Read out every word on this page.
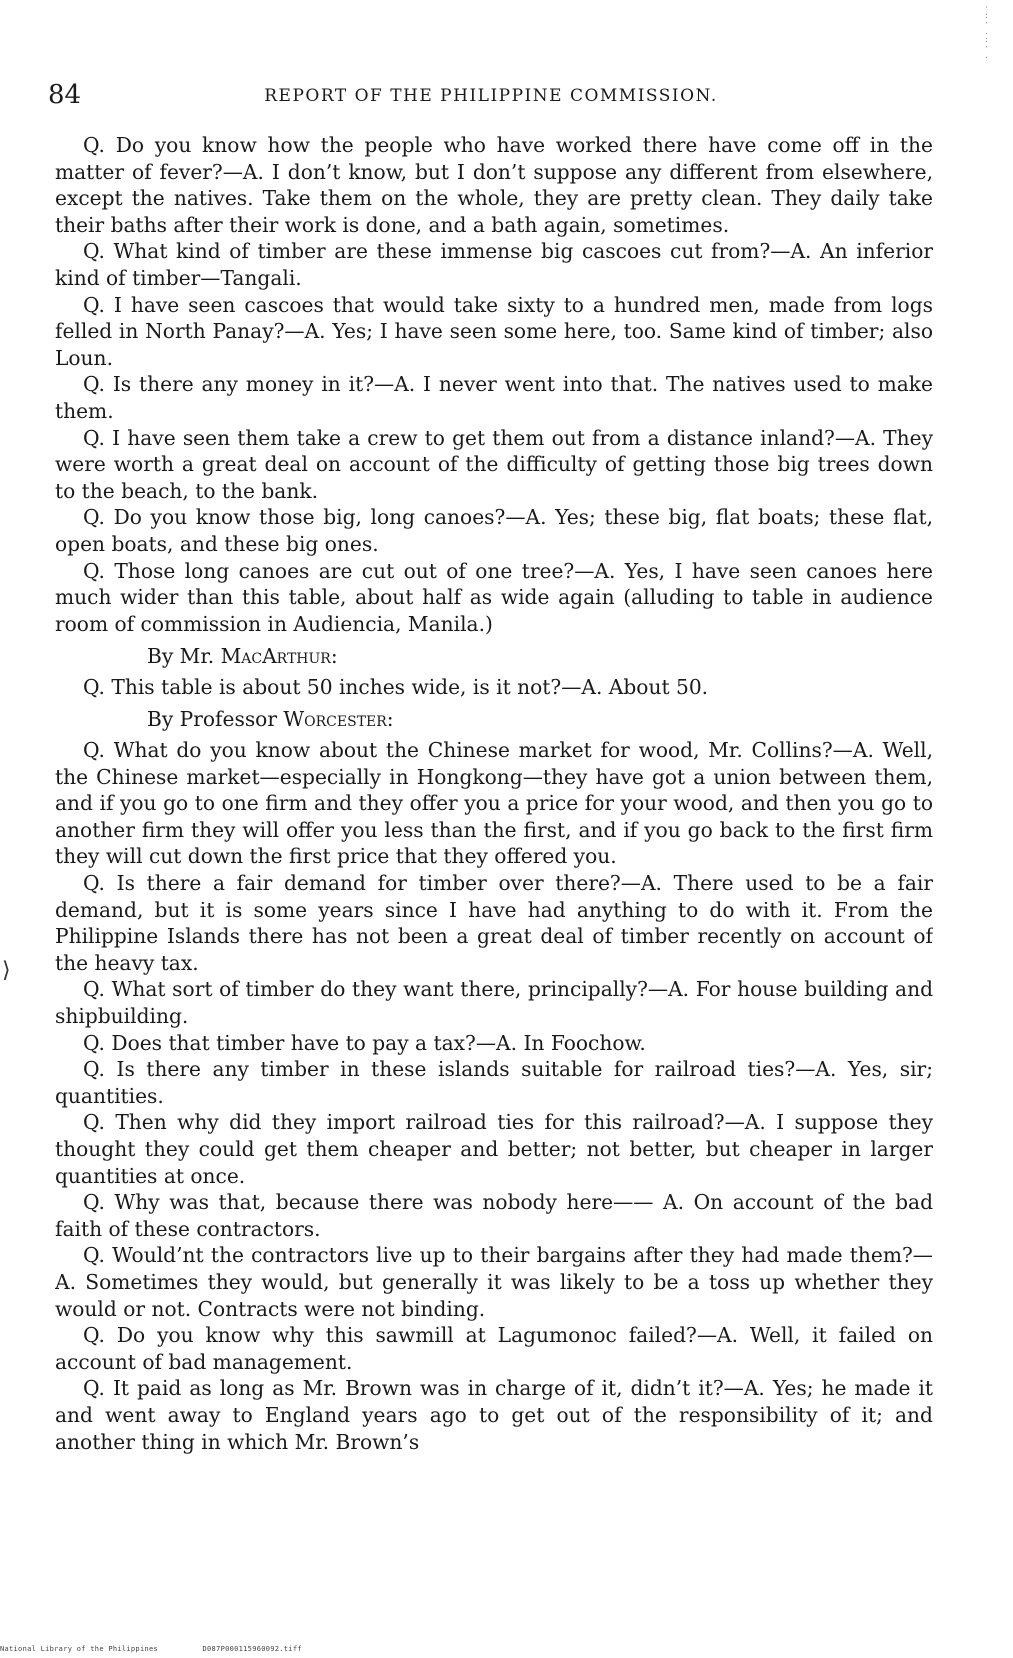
·
:
·
.
:
·
.
84	REPORT OF THE PHILIPPINE COMMISSION.
⟩

Q. Do you know how the people who have worked there have come off in the matter of fever?—A. I don’t know, but I don’t suppose any different from elsewhere, except the natives. Take them on the whole, they are pretty clean. They daily take their baths after their work is done, and a bath again, sometimes.

Q. What kind of timber are these immense big cascoes cut from?—A. An inferior kind of timber—Tangali.

Q. I have seen cascoes that would take sixty to a hundred men, made from logs felled in North Panay?—A. Yes; I have seen some here, too. Same kind of timber; also Loun.

Q. Is there any money in it?—A. I never went into that. The natives used to make them.

Q. I have seen them take a crew to get them out from a distance inland?—A. They were worth a great deal on account of the difficulty of getting those big trees down to the beach, to the bank.

Q. Do you know those big, long canoes?—A. Yes; these big, flat boats; these flat, open boats, and these big ones.

Q. Those long canoes are cut out of one tree?—A. Yes, I have seen canoes here much wider than this table, about half as wide again (alluding to table in audience room of commission in Audiencia, Manila.)

By Mr. MacArthur:

Q. This table is about 50 inches wide, is it not?—A. About 50.

By Professor Worcester:

Q. What do you know about the Chinese market for wood, Mr. Collins?—A. Well, the Chinese market—especially in Hongkong—they have got a union between them, and if you go to one firm and they offer you a price for your wood, and then you go to another firm they will offer you less than the first, and if you go back to the first firm they will cut down the first price that they offered you.

Q. Is there a fair demand for timber over there?—A. There used to be a fair demand, but it is some years since I have had anything to do with it. From the Philippine Islands there has not been a great deal of timber recently on account of the heavy tax.

Q. What sort of timber do they want there, principally?—A. For house building and shipbuilding.

Q. Does that timber have to pay a tax?—A. In Foochow.

Q. Is there any timber in these islands suitable for railroad ties?—A. Yes, sir; quantities.

Q. Then why did they import railroad ties for this railroad?—A. I suppose they thought they could get them cheaper and better; not better, but cheaper in larger quantities at once.

Q. Why was that, because there was nobody here—— A. On account of the bad faith of these contractors.

Q. Would’nt the contractors live up to their bargains after they had made them?—A. Sometimes they would, but generally it was likely to be a toss up whether they would or not. Contracts were not binding.

Q. Do you know why this sawmill at Lagumonoc failed?—A. Well, it failed on account of bad management.

Q. It paid as long as Mr. Brown was in charge of it, didn’t it?—A. Yes; he made it and went away to England years ago to get out of the responsibility of it; and another thing in which Mr. Brown’s

National Library of the Philippines	D087P000115960092.tiff
